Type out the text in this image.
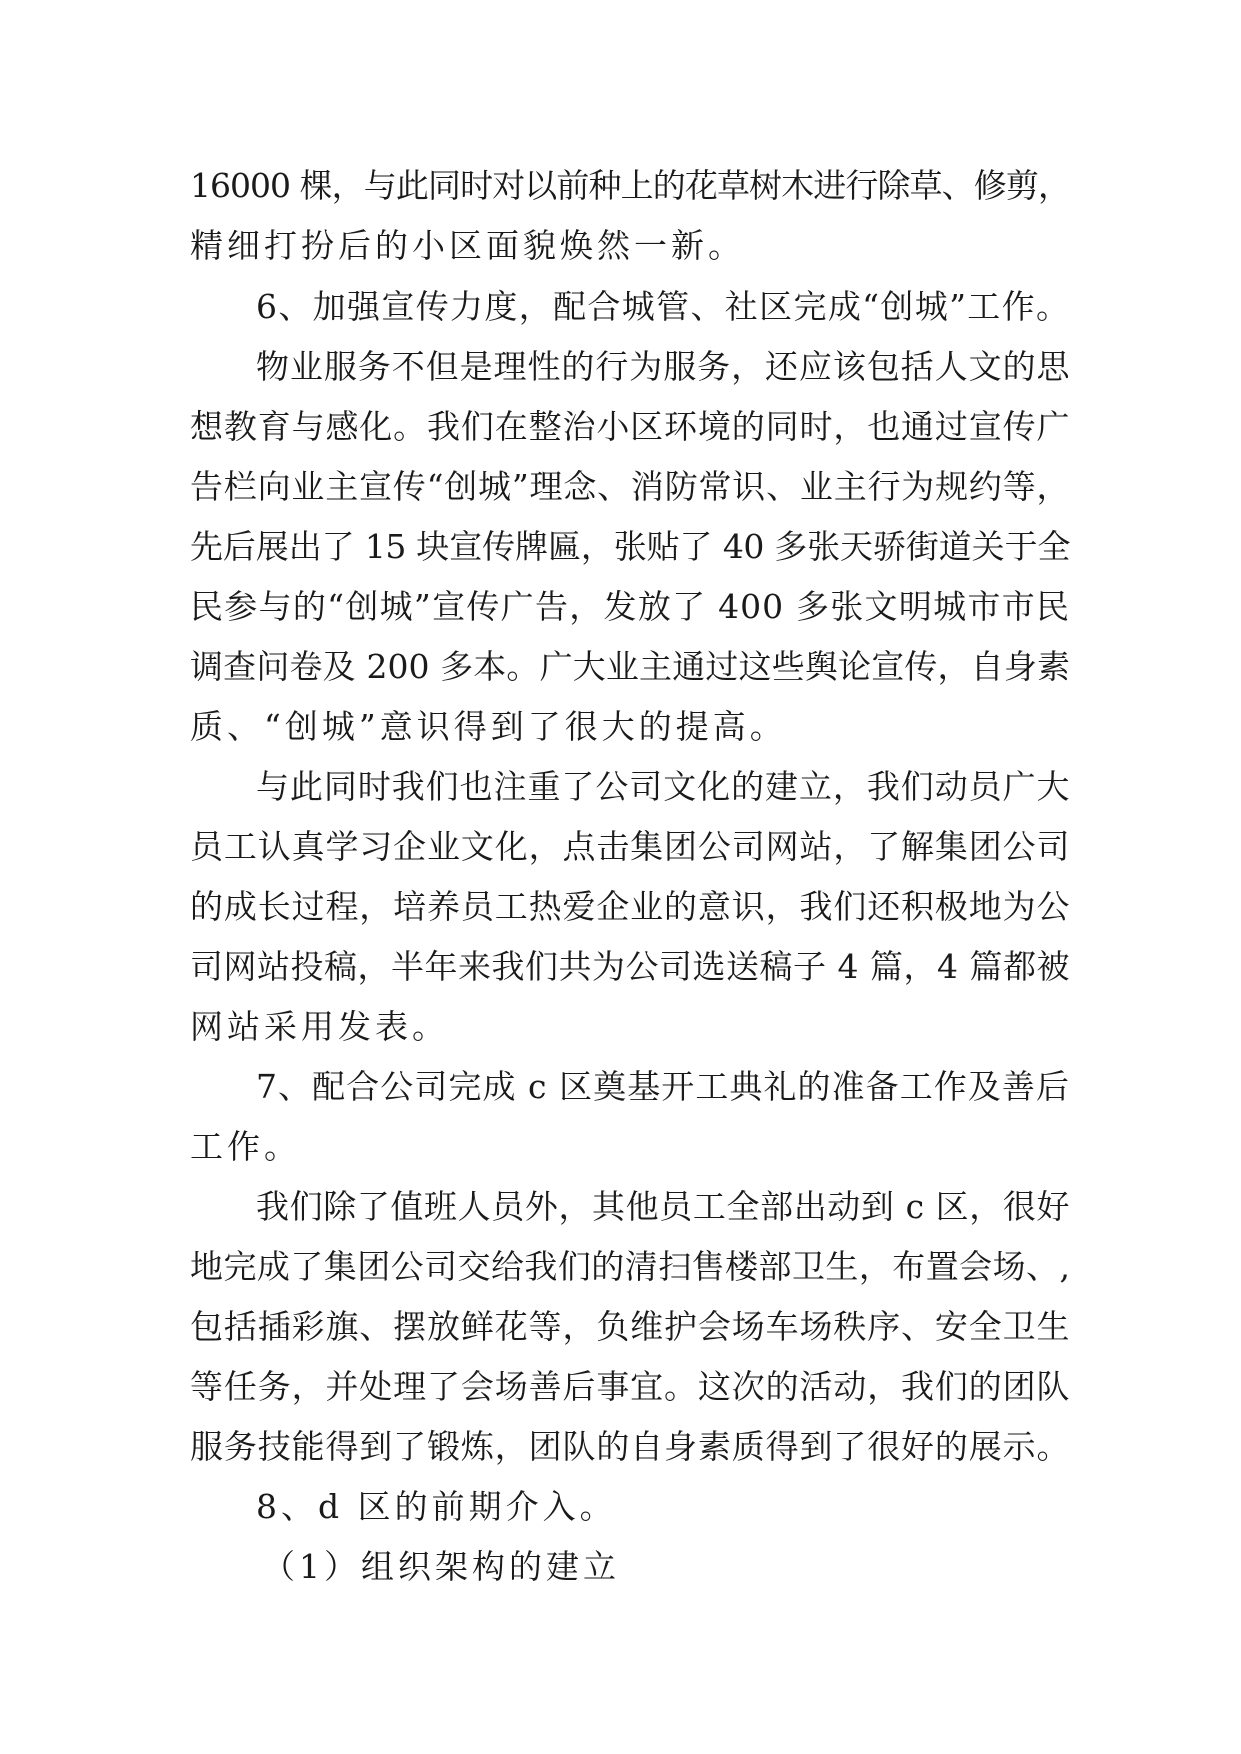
16000 棵，与此同时对以前种上的花草树木进行除草、修剪，
精细打扮后的小区面貌焕然一新。
6、加强宣传力度，配合城管、社区完成“创城”工作。
物业服务不但是理性的行为服务，还应该包括人文的思
想教育与感化。我们在整治小区环境的同时，也通过宣传广
告栏向业主宣传“创城”理念、消防常识、业主行为规约等，
先后展出了 15 块宣传牌匾，张贴了 40 多张天骄街道关于全
民参与的“创城”宣传广告，发放了 400 多张文明城市市民
调查问卷及 200 多本。广大业主通过这些舆论宣传，自身素
质、“创城”意识得到了很大的提高。
与此同时我们也注重了公司文化的建立，我们动员广大
员工认真学习企业文化，点击集团公司网站，了解集团公司
的成长过程，培养员工热爱企业的意识，我们还积极地为公
司网站投稿，半年来我们共为公司选送稿子 4 篇，4 篇都被
网站采用发表。
7、配合公司完成 c 区奠基开工典礼的准备工作及善后
工作。
我们除了值班人员外，其他员工全部出动到 c 区，很好
地完成了集团公司交给我们的清扫售楼部卫生，布置会场、,
包括插彩旗、摆放鲜花等，负维护会场车场秩序、安全卫生
等任务，并处理了会场善后事宜。这次的活动，我们的团队
服务技能得到了锻炼，团队的自身素质得到了很好的展示。
8、d 区的前期介入。
（1）组织架构的建立
